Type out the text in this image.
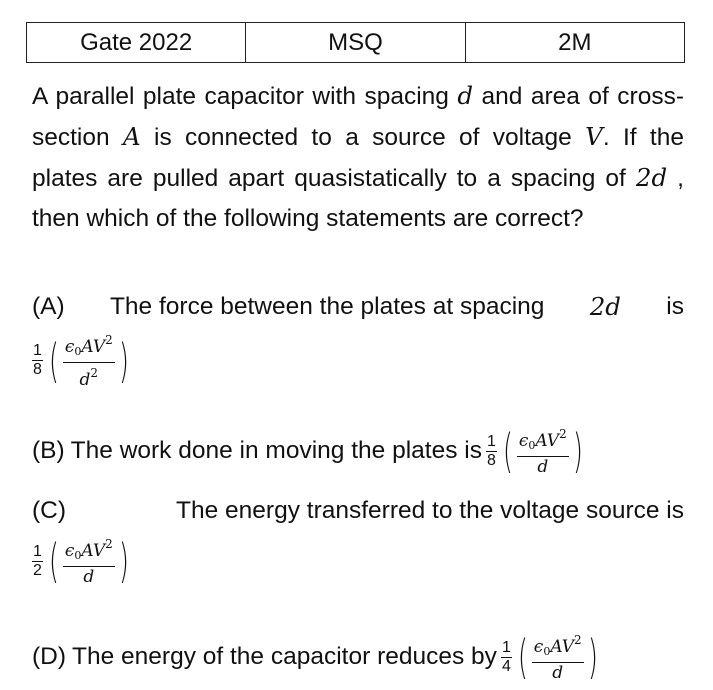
Gate 2022	MSQ	2M
A parallel plate capacitor with spacing d and area of cross-section A is connected to a source of voltage V. If the plates are pulled apart quasistatically to a spacing of 2d , then which of the following statements are correct?
(A) The force between the plates at spacing 2d is
$\frac{1}{8}$ ( $\frac{\epsilon_0AV^2}{d^2}$ )
(B) The work done in moving the plates is $\frac{1}{8}$ ( $\frac{\epsilon_0AV^2}{d}$ )
(C)	The energy transferred to the voltage source is
$\frac{1}{2}$ ( $\frac{\epsilon_0AV^2}{d}$ )
(D) The energy of the capacitor reduces by $\frac{1}{4}$ ( $\frac{\epsilon_0AV^2}{d}$ )
